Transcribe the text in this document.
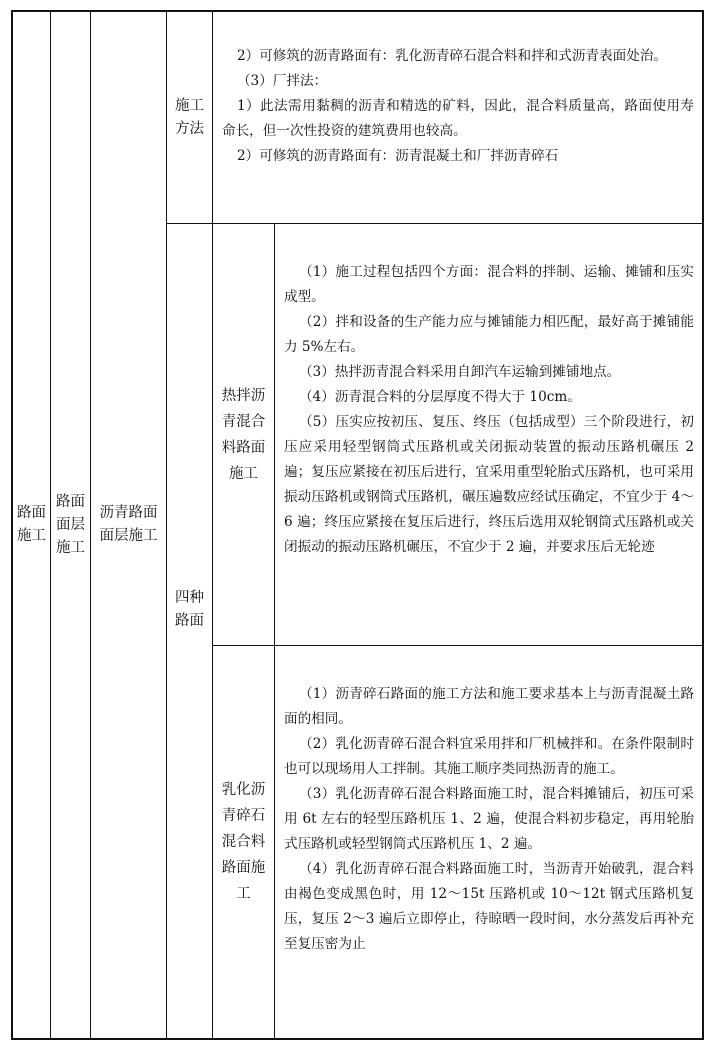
路面施工
路面面层施工
沥青路面面层施工
施工方法

2）可修筑的沥青路面有：乳化沥青碎石混合料和拌和式沥青表面处治。

（3）厂拌法：

1）此法需用黏稠的沥青和精选的矿料，因此，混合料质量高，路面使用寿命长，但一次性投资的建筑费用也较高。

2）可修筑的沥青路面有：沥青混凝土和厂拌沥青碎石

四种路面
热拌沥青混合料路面施工

（1）施工过程包括四个方面：混合料的拌制、运输、摊铺和压实成型。

（2）拌和设备的生产能力应与摊铺能力相匹配，最好高于摊铺能力 5%左右。

（3）热拌沥青混合料采用自卸汽车运输到摊铺地点。

（4）沥青混合料的分层厚度不得大于 10cm。

（5）压实应按初压、复压、终压（包括成型）三个阶段进行，初压应采用轻型钢筒式压路机或关闭振动装置的振动压路机碾压 2 遍；复压应紧接在初压后进行，宜采用重型轮胎式压路机，也可采用振动压路机或钢筒式压路机，碾压遍数应经试压确定，不宜少于 4～6 遍；终压应紧接在复压后进行，终压后选用双轮钢筒式压路机或关闭振动的振动压路机碾压，不宜少于 2 遍，并要求压后无轮迹

乳化沥青碎石混合料路面施工

（1）沥青碎石路面的施工方法和施工要求基本上与沥青混凝土路面的相同。

（2）乳化沥青碎石混合料宜采用拌和厂机械拌和。在条件限制时也可以现场用人工拌制。其施工顺序类同热沥青的施工。

（3）乳化沥青碎石混合料路面施工时，混合料摊铺后，初压可采用 6t 左右的轻型压路机压 1、2 遍，使混合料初步稳定，再用轮胎式压路机或轻型钢筒式压路机压 1、2 遍。

（4）乳化沥青碎石混合料路面施工时，当沥青开始破乳，混合料由褐色变成黑色时，用 12～15t 压路机或 10～12t 钢式压路机复压，复压 2～3 遍后立即停止，待晾晒一段时间，水分蒸发后再补充至复压密为止
